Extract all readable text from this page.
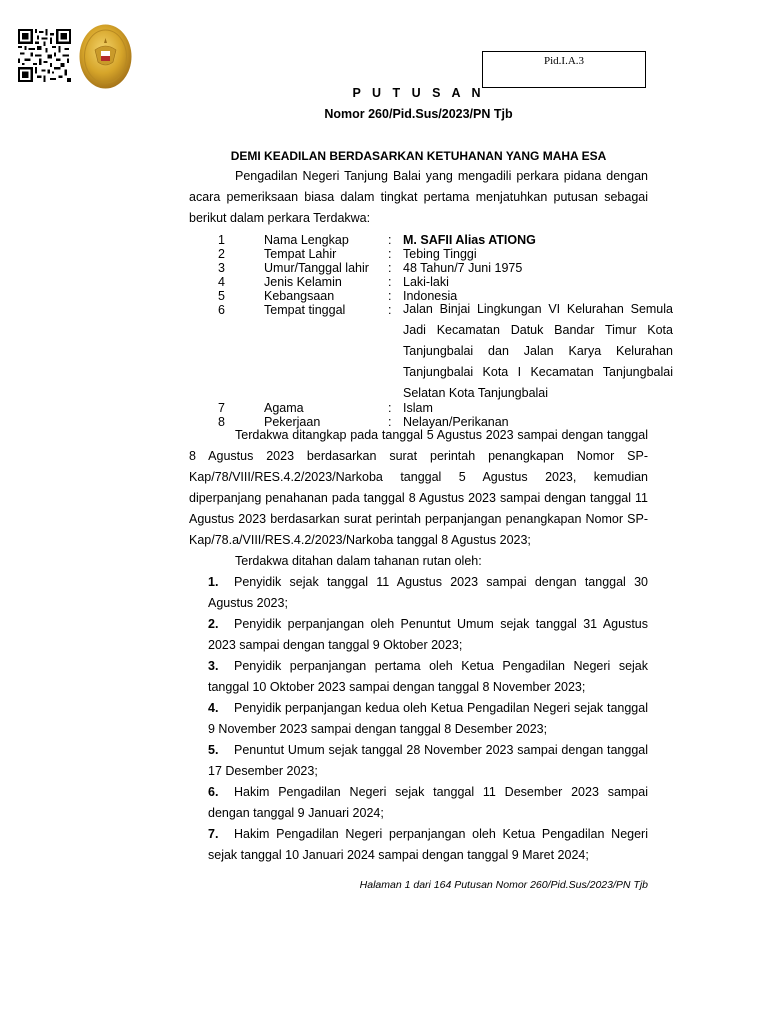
Pid.I.A.3
P U T U S A N
Nomor 260/Pid.Sus/2023/PN Tjb
DEMI KEADILAN BERDASARKAN KETUHANAN YANG MAHA ESA
Pengadilan Negeri Tanjung Balai yang mengadili perkara pidana dengan acara pemeriksaan biasa dalam tingkat pertama menjatuhkan putusan sebagai berikut dalam perkara Terdakwa:
1	Nama Lengkap	: M. SAFII Alias ATIONG
2	Tempat Lahir	: Tebing Tinggi
3	Umur/Tanggal lahir : 48 Tahun/7 Juni 1975
4	Jenis Kelamin	: Laki-laki
5	Kebangsaan	: Indonesia
6	Tempat tinggal	: Jalan Binjai Lingkungan VI Kelurahan Semula Jadi Kecamatan Datuk Bandar Timur Kota Tanjungbalai dan Jalan Karya Kelurahan Tanjungbalai Kota I Kecamatan Tanjungbalai Selatan Kota Tanjungbalai
7	Agama	: Islam
8	Pekerjaan	: Nelayan/Perikanan
Terdakwa ditangkap pada tanggal 5 Agustus 2023 sampai dengan tanggal 8 Agustus 2023 berdasarkan surat perintah penangkapan Nomor SP-Kap/78/VIII/RES.4.2/2023/Narkoba tanggal 5 Agustus 2023, kemudian diperpanjang penahanan pada tanggal 8 Agustus 2023 sampai dengan tanggal 11 Agustus 2023 berdasarkan surat perintah perpanjangan penangkapan Nomor SP-Kap/78.a/VIII/RES.4.2/2023/Narkoba tanggal 8 Agustus 2023;
Terdakwa ditahan dalam tahanan rutan oleh:
1. Penyidik sejak tanggal 11 Agustus 2023 sampai dengan tanggal 30 Agustus 2023;
2. Penyidik perpanjangan oleh Penuntut Umum sejak tanggal 31 Agustus 2023 sampai dengan tanggal 9 Oktober 2023;
3. Penyidik perpanjangan pertama oleh Ketua Pengadilan Negeri sejak tanggal 10 Oktober 2023 sampai dengan tanggal 8 November 2023;
4. Penyidik perpanjangan kedua oleh Ketua Pengadilan Negeri sejak tanggal 9 November 2023 sampai dengan tanggal 8 Desember 2023;
5. Penuntut Umum sejak tanggal 28 November 2023 sampai dengan tanggal 17 Desember 2023;
6. Hakim Pengadilan Negeri sejak tanggal 11 Desember 2023 sampai dengan tanggal 9 Januari 2024;
7. Hakim Pengadilan Negeri perpanjangan oleh Ketua Pengadilan Negeri sejak tanggal 10 Januari 2024 sampai dengan tanggal 9 Maret 2024;
Halaman 1 dari 164 Putusan Nomor 260/Pid.Sus/2023/PN Tjb
